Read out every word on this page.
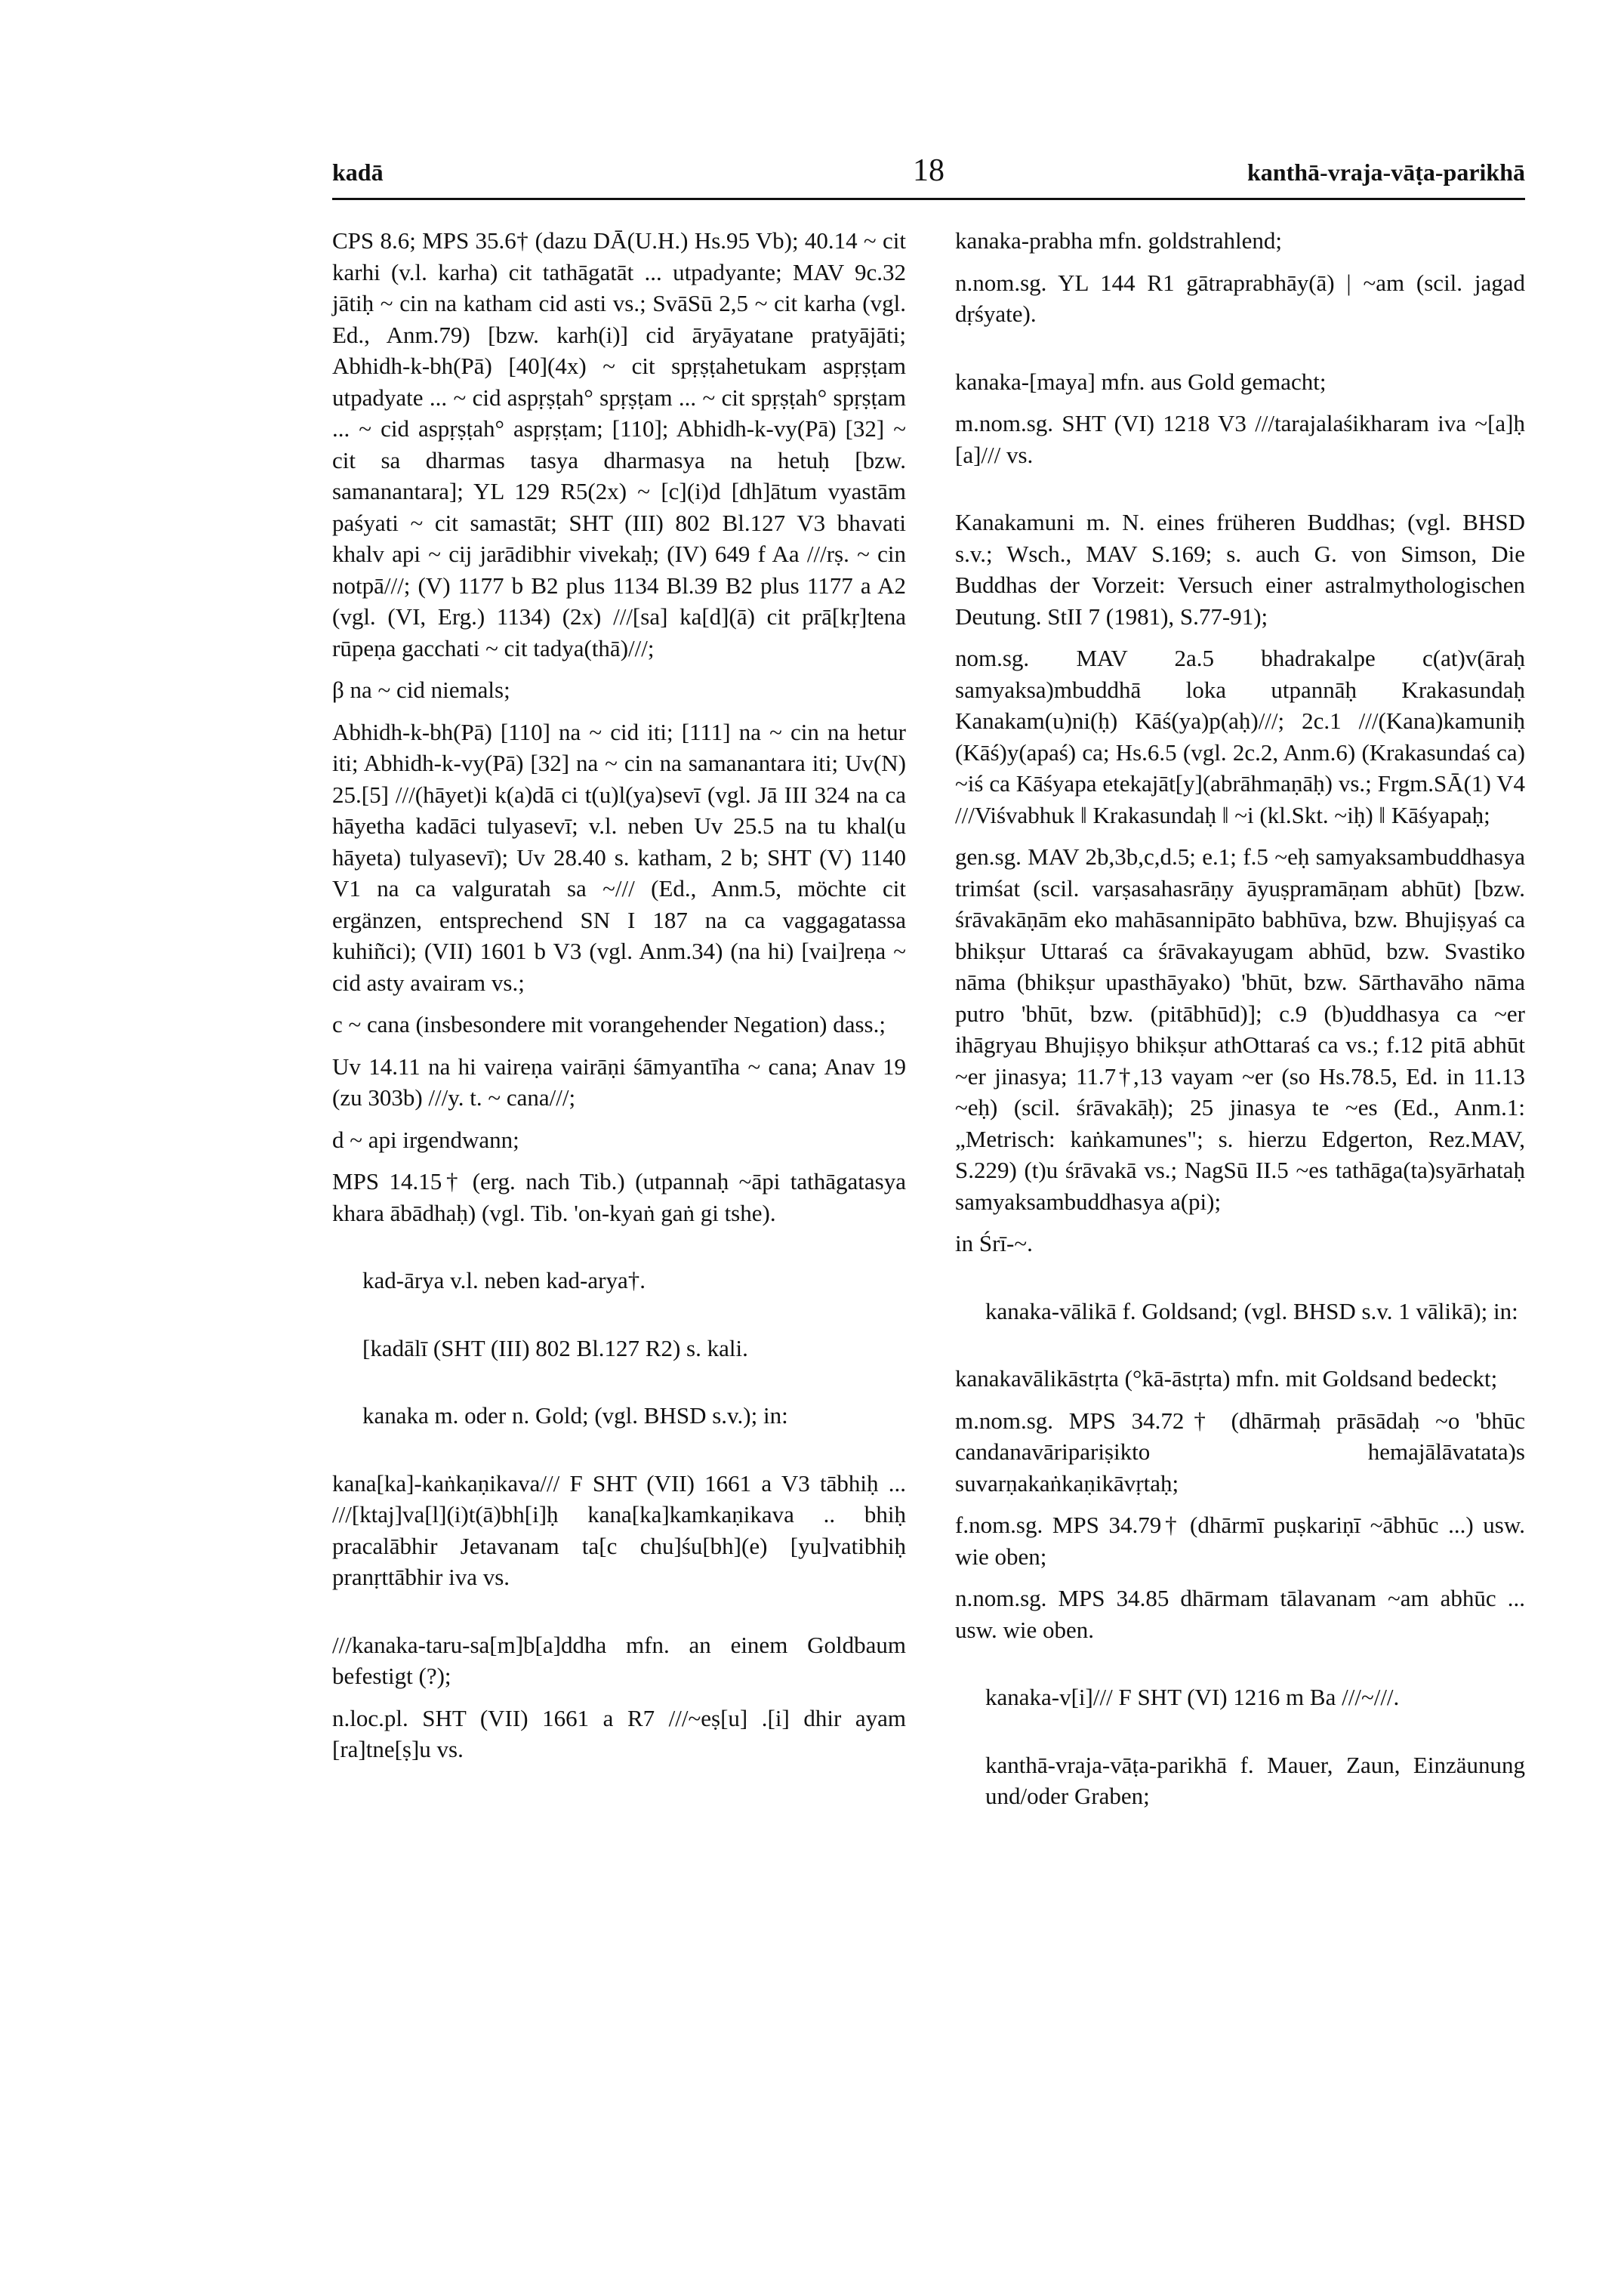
kadā	18	kanthā-vraja-vāṭa-parikhā
CPS 8.6; MPS 35.6† (dazu DĀ(U.H.) Hs.95 Vb); 40.14 ~ cit karhi (v.l. karha) cit tathāgatāt ... utpadyante; MAV 9c.32 jātiḥ ~ cin na katham cid asti vs.; SvāSū 2,5 ~ cit karha (vgl. Ed., Anm.79) [bzw. karh(i)] cid āryāyatane pratyājāti; Abhidh-k-bh(Pā) [40](4x) ~ cit spṛṣṭahetukam aspṛṣṭam utpadyate ... ~ cid aspṛṣṭah° spṛṣṭam ... ~ cit spṛṣṭah° spṛṣṭam ... ~ cid aspṛṣṭah° aspṛṣṭam; [110]; Abhidh-k-vy(Pā) [32] ~ cit sa dharmas tasya dharmasya na hetuḥ [bzw. samanantara]; YL 129 R5(2x) ~ [c](i)d [dh]ātum vyastām paśyati ~ cit samastāt; SHT (III) 802 Bl.127 V3 bhavati khalv api ~ cij jarādibhir vivekaḥ; (IV) 649 f Aa ///rṣ. ~ cin notpā///; (V) 1177 b B2 plus 1134 Bl.39 B2 plus 1177 a A2 (vgl. (VI, Erg.) 1134) (2x) ///[sa] ka[d](ā) cit prā[kṛ]tena rūpeṇa gacchati ~ cit tadya(thā)///;
β na ~ cid niemals;
Abhidh-k-bh(Pā) [110] na ~ cid iti; [111] na ~ cin na hetur iti; Abhidh-k-vy(Pā) [32] na ~ cin na samanantara iti; Uv(N) 25.[5] ///(hāyet)i k(a)dā ci t(u)l(ya)sevī (vgl. Jā III 324 na ca hāyetha kadāci tulyasevī; v.l. neben Uv 25.5 na tu khal(u hāyeta) tulyasevī); Uv 28.40 s. katham, 2 b; SHT (V) 1140 V1 na ca valguratah sa ~/// (Ed., Anm.5, möchte cit ergänzen, entsprechend SN I 187 na ca vaggagatassa kuhiñci); (VII) 1601 b V3 (vgl. Anm.34) (na hi) [vai]reṇa ~ cid asty avairam vs.;
c ~ cana (insbesondere mit vorangehender Negation) dass.;
Uv 14.11 na hi vaireṇa vairāṇi śāmyantīha ~ cana; Anav 19 (zu 303b) ///y. t. ~ cana///;
d ~ api irgendwann;
MPS 14.15† (erg. nach Tib.) (utpannaḥ ~āpi tathāgatasya khara ābādhaḥ) (vgl. Tib. 'on-kyaṅ gaṅ gi tshe).
kad-ārya v.l. neben kad-arya†.
[kadālī (SHT (III) 802 Bl.127 R2) s. kali.
kanaka m. oder n. Gold; (vgl. BHSD s.v.); in:
kana[ka]-kaṅkaṇikava/// F SHT (VII) 1661 a V3 tābhiḥ ... ///[ktaj]va[l](i)t(ā)bh[i]ḥ kana[ka]kamkaṇikava .. bhiḥ pracalābhir Jetavanam ta[c chu]śu[bh](e) [yu]vatibhiḥ pranṛttābhir iva vs.
///kanaka-taru-sa[m]b[a]ddha mfn. an einem Goldbaum befestigt (?);
n.loc.pl. SHT (VII) 1661 a R7 ///~eṣ[u] .[i] dhir ayam [ra]tne[ṣ]u vs.
kanaka-prabha mfn. goldstrahlend;
n.nom.sg. YL 144 R1 gātraprabhāy(ā) | ~am (scil. jagad dṛśyate).
kanaka-[maya] mfn. aus Gold gemacht;
m.nom.sg. SHT (VI) 1218 V3 ///tarajalaśikharam iva ~[a]ḥ [a]/// vs.
Kanakamuni m. N. eines früheren Buddhas; (vgl. BHSD s.v.; Wsch., MAV S.169; s. auch G. von Simson, Die Buddhas der Vorzeit: Versuch einer astralmythologischen Deutung. StII 7 (1981), S.77-91);
nom.sg. MAV 2a.5 bhadrakalpe c(at)v(āraḥ samyaksa)mbuddhā loka utpannāḥ Krakasundaḥ Kanakam(u)ni(ḥ) Kāś(ya)p(aḥ)///; 2c.1 ///(Kana)kamuniḥ (Kāś)y(apaś) ca; Hs.6.5 (vgl. 2c.2, Anm.6) (Krakasundaś ca) ~iś ca Kāśyapa etekajāt[y](abrāhmaṇāḥ) vs.; Frgm.SĀ(1) V4 ///Viśvabhuk ‖ Krakasundaḥ ‖ ~i (kl.Skt. ~iḥ) ‖ Kāśyapaḥ;
gen.sg. MAV 2b,3b,c,d.5; e.1; f.5 ~eḥ samyaksambuddhasya trimśat (scil. varṣasahasrāṇy āyuṣpramāṇam abhūt) [bzw. śrāvakāṇām eko mahāsannipāto babhūva, bzw. Bhujiṣyaś ca bhikṣur Uttaraś ca śrāvakayugam abhūd, bzw. Svastiko nāma (bhikṣur upasthāyako) 'bhūt, bzw. Sārthavāho nāma putro 'bhūt, bzw. (pitābhūd)]; c.9 (b)uddhasya ca ~er ihāgryau Bhujiṣyo bhikṣur athOttaraś ca vs.; f.12 pitā abhūt ~er jinasya; 11.7†,13 vayam ~er (so Hs.78.5, Ed. in 11.13 ~eḥ) (scil. śrāvakāḥ); 25 jinasya te ~es (Ed., Anm.1: „Metrisch: kaṅkamunes"; s. hierzu Edgerton, Rez.MAV, S.229) (t)u śrāvakā vs.; NagSū II.5 ~es tathāga(ta)syārhataḥ samyaksambuddhasya a(pi);
in Śrī-~.
kanaka-vālikā f. Goldsand; (vgl. BHSD s.v. 1 vālikā); in:
kanakavālikāstṛta (°kā-āstṛta) mfn. mit Goldsand bedeckt;
m.nom.sg. MPS 34.72† (dhārmaḥ prāsādaḥ ~o 'bhūc candanavāripariṣikto hemajālāvatata)s suvarṇakaṅkaṇikāvṛtaḥ;
f.nom.sg. MPS 34.79† (dhārmī puṣkariṇī ~ābhūc ...) usw. wie oben;
n.nom.sg. MPS 34.85 dhārmam tālavanam ~am abhūc ... usw. wie oben.
kanaka-v[i]/// F SHT (VI) 1216 m Ba ///~///.
kanthā-vraja-vāṭa-parikhā f. Mauer, Zaun, Einzäunung und/oder Graben;
